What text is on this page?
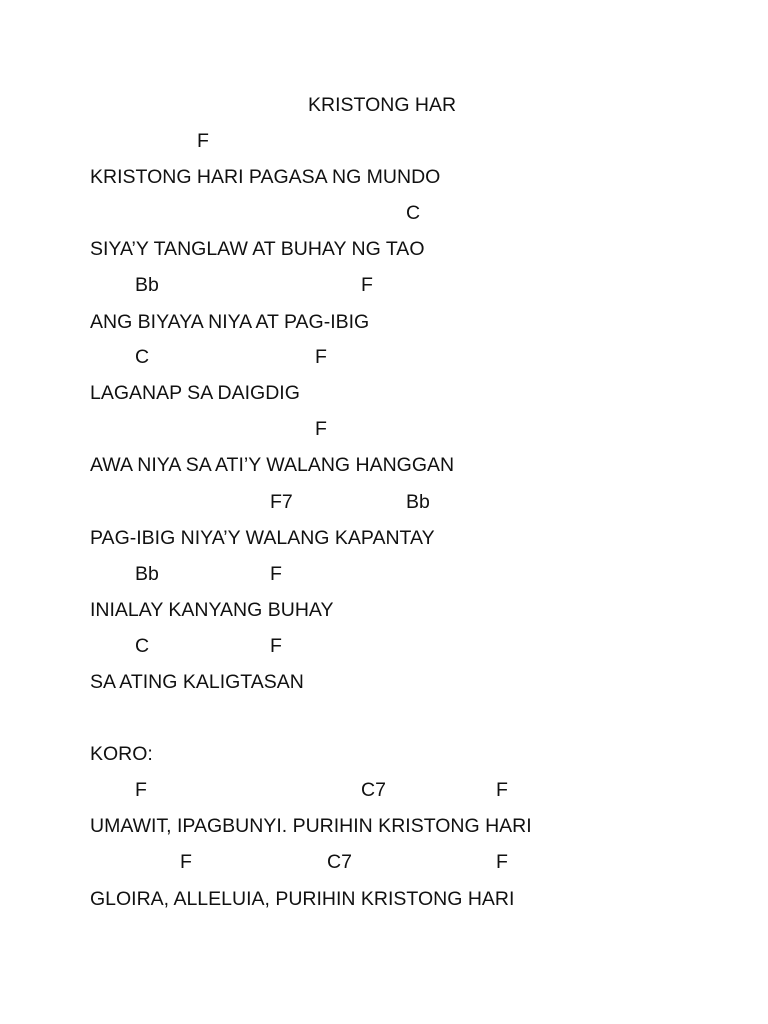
KRISTONG HAR
F
KRISTONG HARI PAGASA NG MUNDO
C
SIYA’Y TANGLAW AT BUHAY NG TAO
Bb	F
ANG BIYAYA NIYA AT PAG-IBIG
C	F
LAGANAP SA DAIGDIG
F
AWA NIYA SA ATI’Y WALANG HANGGAN
F7	Bb
PAG-IBIG NIYA’Y WALANG KAPANTAY
Bb	F
INIALAY KANYANG BUHAY
C	F
SA ATING KALIGTASAN
KORO:
F	C7	F
UMAWIT, IPAGBUNYI. PURIHIN KRISTONG HARI
F	C7	F
GLOIRA, ALLELUIA, PURIHIN KRISTONG HARI
